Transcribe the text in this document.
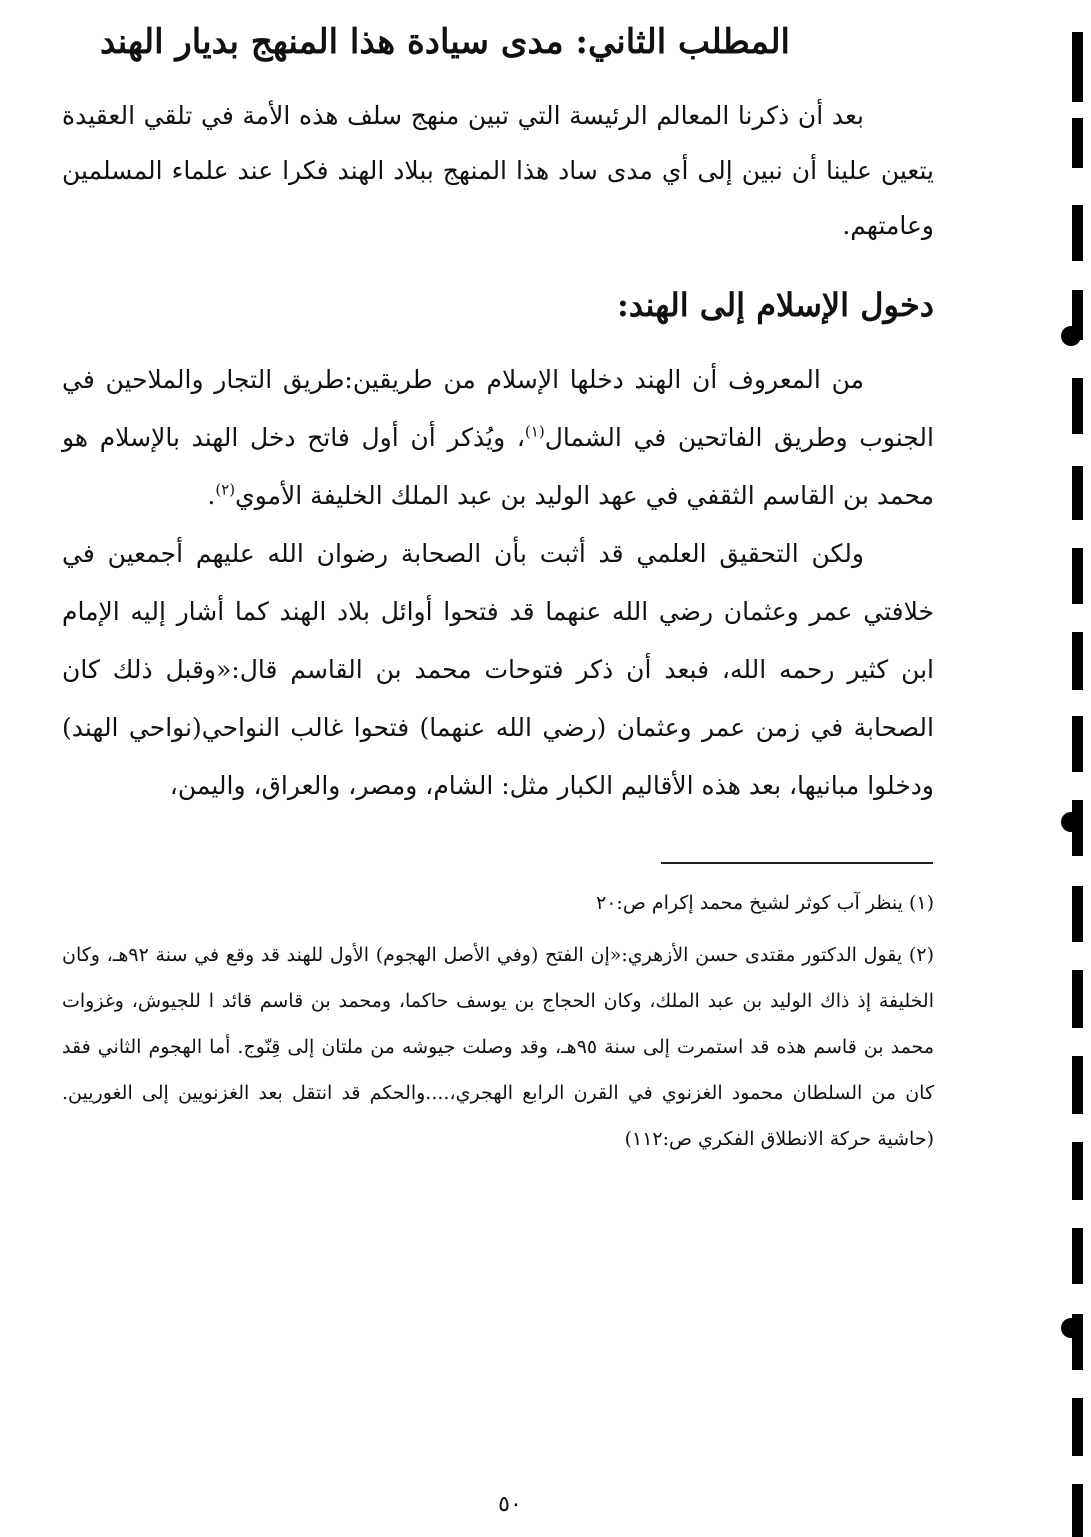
المطلب الثاني: مدى سيادة هذا المنهج بديار الهند

بعد أن ذكرنا المعالم الرئيسة التي تبين منهج سلف هذه الأمة في تلقي العقيدة يتعين علينا أن نبين إلى أي مدى ساد هذا المنهج ببلاد الهند فكرا عند علماء المسلمين وعامتهم.

دخول الإسلام إلى الهند:

من المعروف أن الهند دخلها الإسلام من طريقين:طريق التجار والملاحين في الجنوب وطريق الفاتحين في الشمال$^{(١)}$، ويُذكر أن أول فاتح دخل الهند بالإسلام هو محمد بن القاسم الثقفي في عهد الوليد بن عبد الملك الخليفة الأموي$^{(٢)}$.

ولكن التحقيق العلمي قد أثبت بأن الصحابة رضوان الله عليهم أجمعين في خلافتي عمر وعثمان رضي الله عنهما قد فتحوا أوائل بلاد الهند كما أشار إليه الإمام ابن كثير رحمه الله، فبعد أن ذكر فتوحات محمد بن القاسم قال:«وقبل ذلك كان الصحابة في زمن عمر وعثمان (رضي الله عنهما) فتحوا غالب النواحي(نواحي الهند) ودخلوا مبانيها، بعد هذه الأقاليم الكبار مثل: الشام، ومصر، والعراق، واليمن،

(١) ينظر آب كوثر لشيخ محمد إكرام ص:٢٠

(٢) يقول الدكتور مقتدى حسن الأزهري:«إن الفتح (وفي الأصل الهجوم) الأول للهند قد وقع في سنة ٩٢هـ، وكان الخليفة إذ ذاك الوليد بن عبد الملك، وكان الحجاج بن يوسف حاكما، ومحمد بن قاسم قائد ا للجيوش، وغزوات محمد بن قاسم هذه قد استمرت إلى سنة ٩٥هـ، وقد وصلت جيوشه من ملتان إلى قِنّوج. أما الهجوم الثاني فقد كان من السلطان محمود الغزنوي في القرن الرابع الهجري،....والحكم قد انتقل بعد الغزنويين إلى الغوريين.(حاشية حركة الانطلاق الفكري ص:١١٢)

٥٠
